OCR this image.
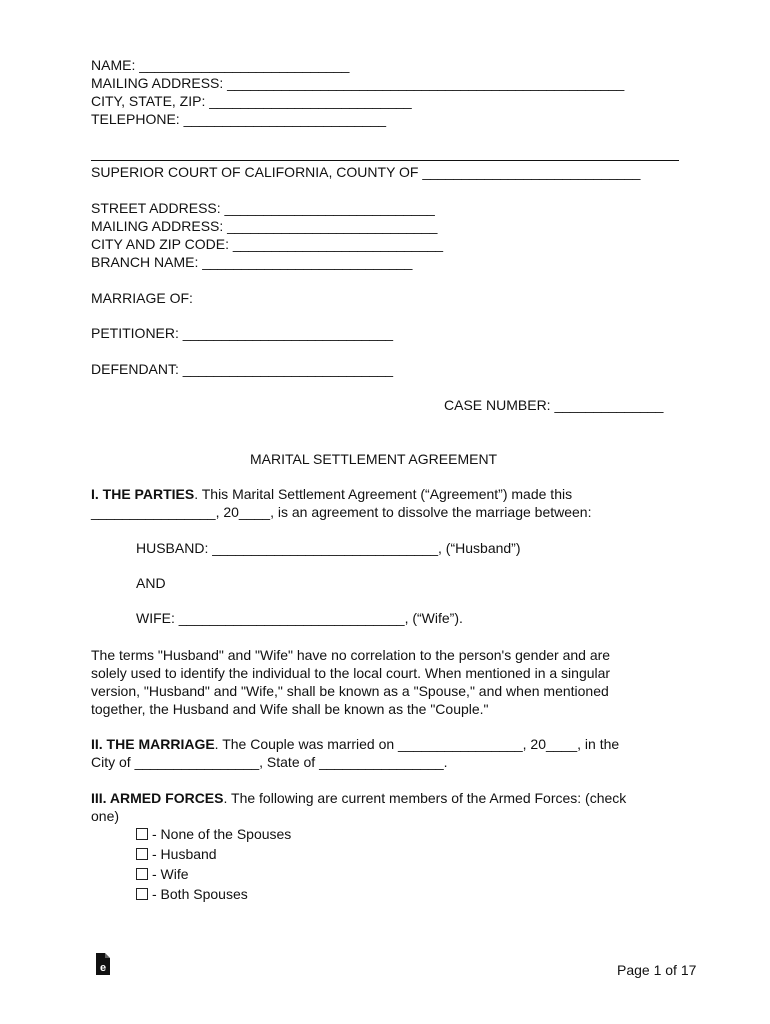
NAME: ___________________________
MAILING ADDRESS: ___________________________________________________
CITY, STATE, ZIP: __________________________
TELEPHONE: __________________________
SUPERIOR COURT OF CALIFORNIA, COUNTY OF ____________________________
STREET ADDRESS: ___________________________
MAILING ADDRESS: ___________________________
CITY AND ZIP CODE: ___________________________
BRANCH NAME: ___________________________
MARRIAGE OF:
PETITIONER: ___________________________
DEFENDANT: ___________________________
CASE NUMBER: ______________
MARITAL SETTLEMENT AGREEMENT
I. THE PARTIES. This Marital Settlement Agreement (“Agreement”) made this
________________, 20____, is an agreement to dissolve the marriage between:
HUSBAND: _____________________________, (“Husband”)
AND
WIFE: _____________________________, (“Wife”).
The terms "Husband" and "Wife" have no correlation to the person's gender and are
solely used to identify the individual to the local court. When mentioned in a singular
version, "Husband" and "Wife," shall be known as a "Spouse," and when mentioned
together, the Husband and Wife shall be known as the "Couple."
II. THE MARRIAGE. The Couple was married on ________________, 20____, in the
City of ________________, State of ________________.
III. ARMED FORCES. The following are current members of the Armed Forces: (check
one)
- None of the Spouses
- Husband
- Wife
- Both Spouses
e	Page 1 of 17
